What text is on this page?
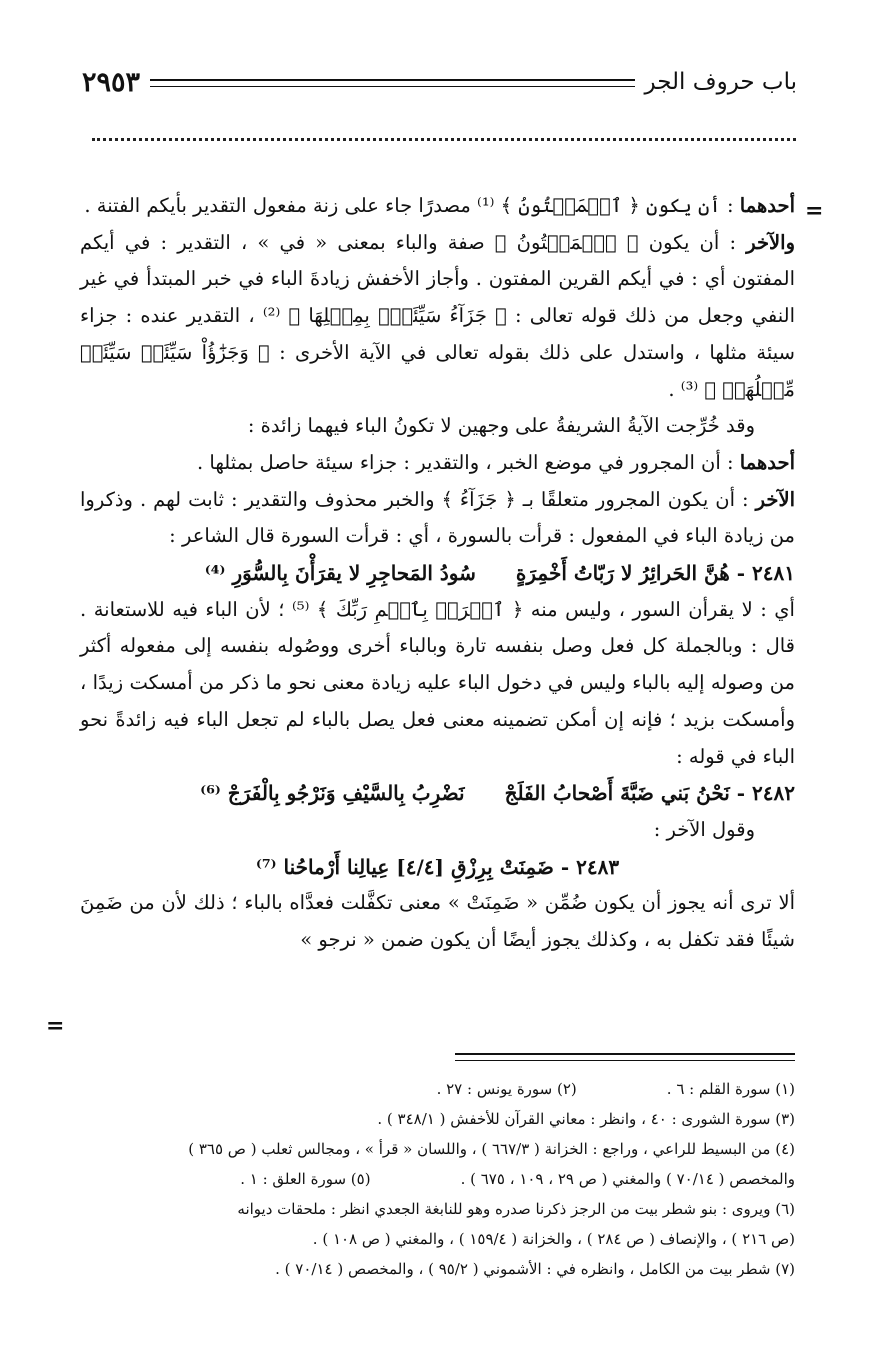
باب حروف الجر
٢٩٥٣
=
=

أحدهما : أن يكون ﴿ ٱلۡمَفۡتُونُ ﴾ ⁽¹⁾ مصدرًا جاء على زنة مفعول التقدير بأيكم الفتنة .

والآخر : أن يكون ﴿ ٱلۡمَفۡتُونُ ﴾ صفة والباء بمعنى « في » ، التقدير : في أيكم المفتون أي : في أيكم القرين المفتون . وأجاز الأخفش زيادةَ الباء في خبر المبتدأ في غير النفي وجعل من ذلك قوله تعالى : ﴿ جَزَآءُ سَيِّئَةِۭ بِمِثۡلِهَا ﴾ ⁽²⁾ ، التقدير عنده : جزاء سيئة مثلها ، واستدل على ذلك بقوله تعالى في الآية الأخرى : ﴿ وَجَزَٰٓؤُاْ سَيِّئَةٖ سَيِّئَةٞ مِّثۡلُهَاۖ ﴾ ⁽³⁾ .

وقد خُرِّجت الآيةُ الشريفةُ على وجهين لا تكونُ الباء فيهما زائدة :

أحدهما : أن المجرور في موضع الخبر ، والتقدير : جزاء سيئة حاصل بمثلها .

الآخر : أن يكون المجرور متعلقًا بـ ﴿ جَزَآءُ ﴾ والخبر محذوف والتقدير : ثابت لهم . وذكروا من زيادة الباء في المفعول : قرأت بالسورة ، أي : قرأت السورة قال الشاعر :

٢٤٨١ - هُنَّ الحَرائِرُ لا رَبّاتُ أَخْمِرَةٍ
سُودُ المَحاجِرِ لا يقرَأْنَ بِالسُّوَرِ ⁽⁴⁾

أي : لا يقرأن السور ، وليس منه ﴿ ٱقۡرَأۡ بِٱسۡمِ رَبِّكَ ﴾ ⁽⁵⁾ ؛ لأن الباء فيه للاستعانة . قال : وبالجملة كل فعل وصل بنفسه تارة وبالباء أخرى ووصُوله بنفسه إلى مفعوله أكثر من وصوله إليه بالباء وليس في دخول الباء عليه زيادة معنى نحو ما ذكر من أمسكت زيدًا ، وأمسكت بزيد ؛ فإنه إن أمكن تضمينه معنى فعل يصل بالباء لم تجعل الباء فيه زائدةً نحو الباء في قوله :

٢٤٨٢ - نَحْنُ بَني ضَبَّةَ أَصْحابُ الفَلَجْ
نَضْرِبُ بِالسَّيْفِ وَنَرْجُو بِالْفَرَجْ ⁽⁶⁾

وقول الآخر :

٢٤٨٣ - ضَمِنَتْ بِرِزْقِ [٤/٤] عِيالِنا أَرْماحُنا ⁽⁷⁾

ألا ترى أنه يجوز أن يكون ضُمِّن « ضَمِنَتْ » معنى تكفَّلت فعدَّاه بالباء ؛ ذلك لأن من ضَمِنَ شيئًا فقد تكفل به ، وكذلك يجوز أيضًا أن يكون ضمن « نرجو »

(١) سورة القلم : ٦ .
(٢) سورة يونس : ٢٧ .

(٣) سورة الشورى : ٤٠ ، وانظر : معاني القرآن للأخفش ( ٣٤٨/١ ) .

(٤) من البسيط للراعي ، وراجع : الخزانة ( ٦٦٧/٣ ) ، واللسان « قرأ » ، ومجالس ثعلب ( ص ٣٦٥ )

والمخصص ( ٧٠/١٤ ) والمغني ( ص ٢٩ ، ١٠٩ ، ٦٧٥ ) .
(٥) سورة العلق : ١ .

(٦) ويروى : بنو شطر بيت من الرجز ذكرنا صدره وهو للنابغة الجعدي انظر : ملحقات ديوانه

(ص ٢١٦ ) ، والإنصاف ( ص ٢٨٤ ) ، والخزانة ( ١٥٩/٤ ) ، والمغني ( ص ١٠٨ ) .

(٧) شطر بيت من الكامل ، وانظره في : الأشموني ( ٩٥/٢ ) ، والمخصص ( ٧٠/١٤ ) .
